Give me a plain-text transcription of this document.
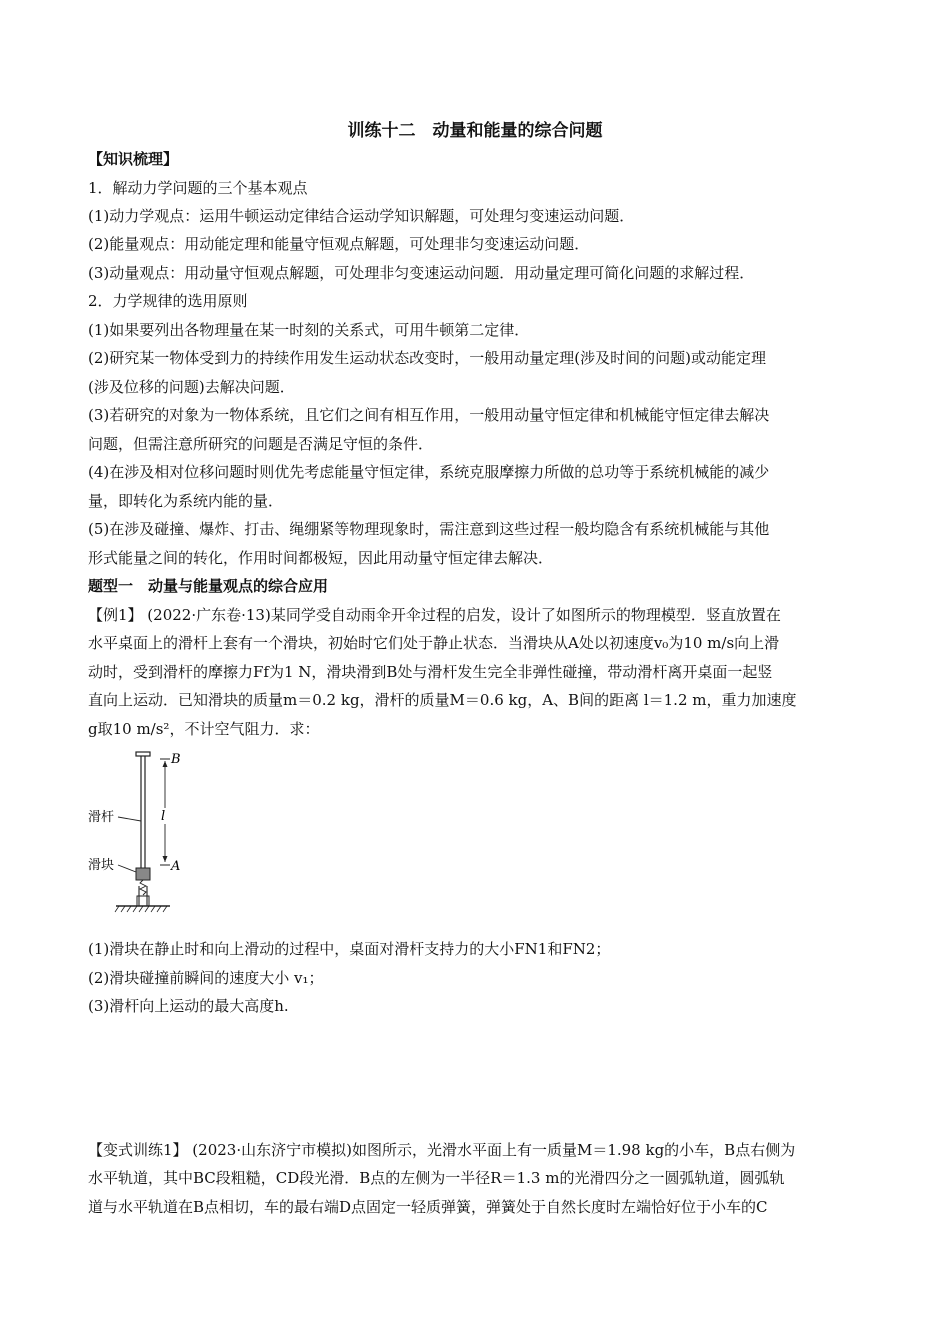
训练十二　动量和能量的综合问题
【知识梳理】
1．解动力学问题的三个基本观点
(1)动力学观点：运用牛顿运动定律结合运动学知识解题，可处理匀变速运动问题．
(2)能量观点：用动能定理和能量守恒观点解题，可处理非匀变速运动问题．
(3)动量观点：用动量守恒观点解题，可处理非匀变速运动问题．用动量定理可简化问题的求解过程．
2．力学规律的选用原则
(1)如果要列出各物理量在某一时刻的关系式，可用牛顿第二定律．
(2)研究某一物体受到力的持续作用发生运动状态改变时，一般用动量定理(涉及时间的问题)或动能定理
(涉及位移的问题)去解决问题．
(3)若研究的对象为一物体系统，且它们之间有相互作用，一般用动量守恒定律和机械能守恒定律去解决
问题，但需注意所研究的问题是否满足守恒的条件．
(4)在涉及相对位移问题时则优先考虑能量守恒定律，系统克服摩擦力所做的总功等于系统机械能的减少
量，即转化为系统内能的量．
(5)在涉及碰撞、爆炸、打击、绳绷紧等物理现象时，需注意到这些过程一般均隐含有系统机械能与其他
形式能量之间的转化，作用时间都极短，因此用动量守恒定律去解决．
题型一　动量与能量观点的综合应用
【例1】 (2022·广东卷·13)某同学受自动雨伞开伞过程的启发，设计了如图所示的物理模型．竖直放置在
水平桌面上的滑杆上套有一个滑块，初始时它们处于静止状态．当滑块从A处以初速度v₀为10 m/s向上滑
动时，受到滑杆的摩擦力Ff为1 N，滑块滑到B处与滑杆发生完全非弹性碰撞，带动滑杆离开桌面一起竖
直向上运动．已知滑块的质量m＝0.2 kg，滑杆的质量M＝0.6 kg，A、B间的距离 l＝1.2 m，重力加速度
g取10 m/s²，不计空气阻力．求：
B
l
A
滑杆
滑块
(1)滑块在静止时和向上滑动的过程中，桌面对滑杆支持力的大小FN1和FN2；
(2)滑块碰撞前瞬间的速度大小 v₁；
(3)滑杆向上运动的最大高度h.
【变式训练1】 (2023·山东济宁市模拟)如图所示，光滑水平面上有一质量M＝1.98 kg的小车，B点右侧为
水平轨道，其中BC段粗糙，CD段光滑．B点的左侧为一半径R＝1.3 m的光滑四分之一圆弧轨道，圆弧轨
道与水平轨道在B点相切，车的最右端D点固定一轻质弹簧，弹簧处于自然长度时左端恰好位于小车的C
